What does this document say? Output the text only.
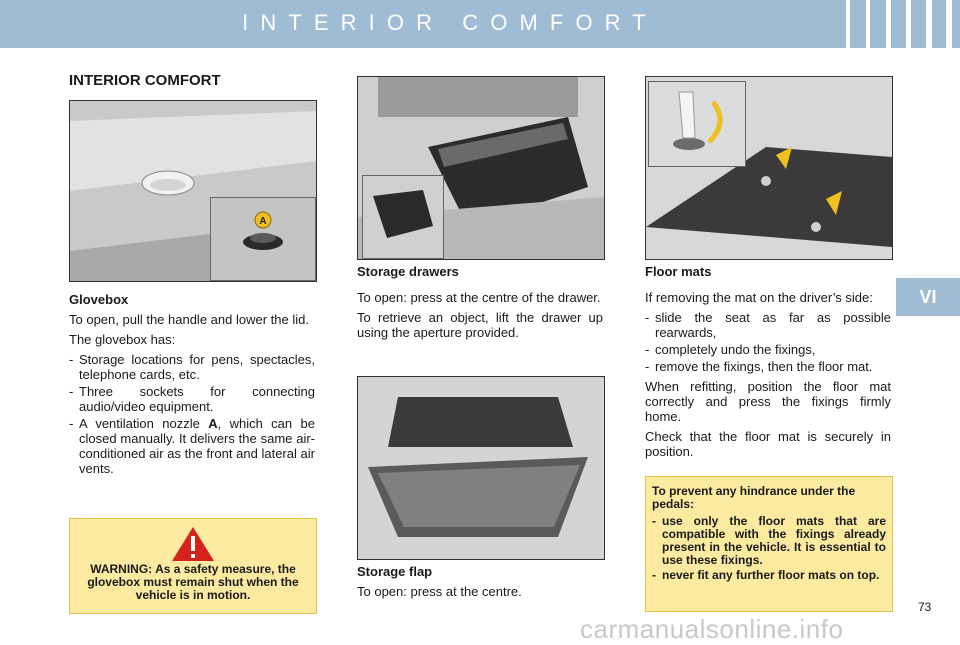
INTERIOR COMFORT
VI
INTERIOR COMFORT
A
Glovebox

To open, pull the handle and lower the lid.

The glovebox has:

- Storage locations for pens, spectacles, telephone cards, etc.
- Three sockets for connecting audio/video equipment.
- A ventilation nozzle A, which can be closed manually. It delivers the same air-conditioned air as the front and lateral air vents.
WARNING: As a safety measure, the glovebox must remain shut when the vehicle is in motion.
Storage drawers

To open: press at the centre of the drawer.

To retrieve an object, lift the drawer up using the aperture provided.

Storage flap

To open: press at the centre.

Floor mats

If removing the mat on the driver’s side:

- slide the seat as far as possible rearwards,
- completely undo the fixings,
- remove the fixings, then the floor mat.

When refitting, position the floor mat correctly and press the fixings firmly home.

Check that the floor mat is securely in position.

To prevent any hindrance under the pedals:

- use only the floor mats that are compatible with the fixings already present in the vehicle. It is essential to use these fixings.
- never fit any further floor mats on top.
73
carmanualsonline.info
